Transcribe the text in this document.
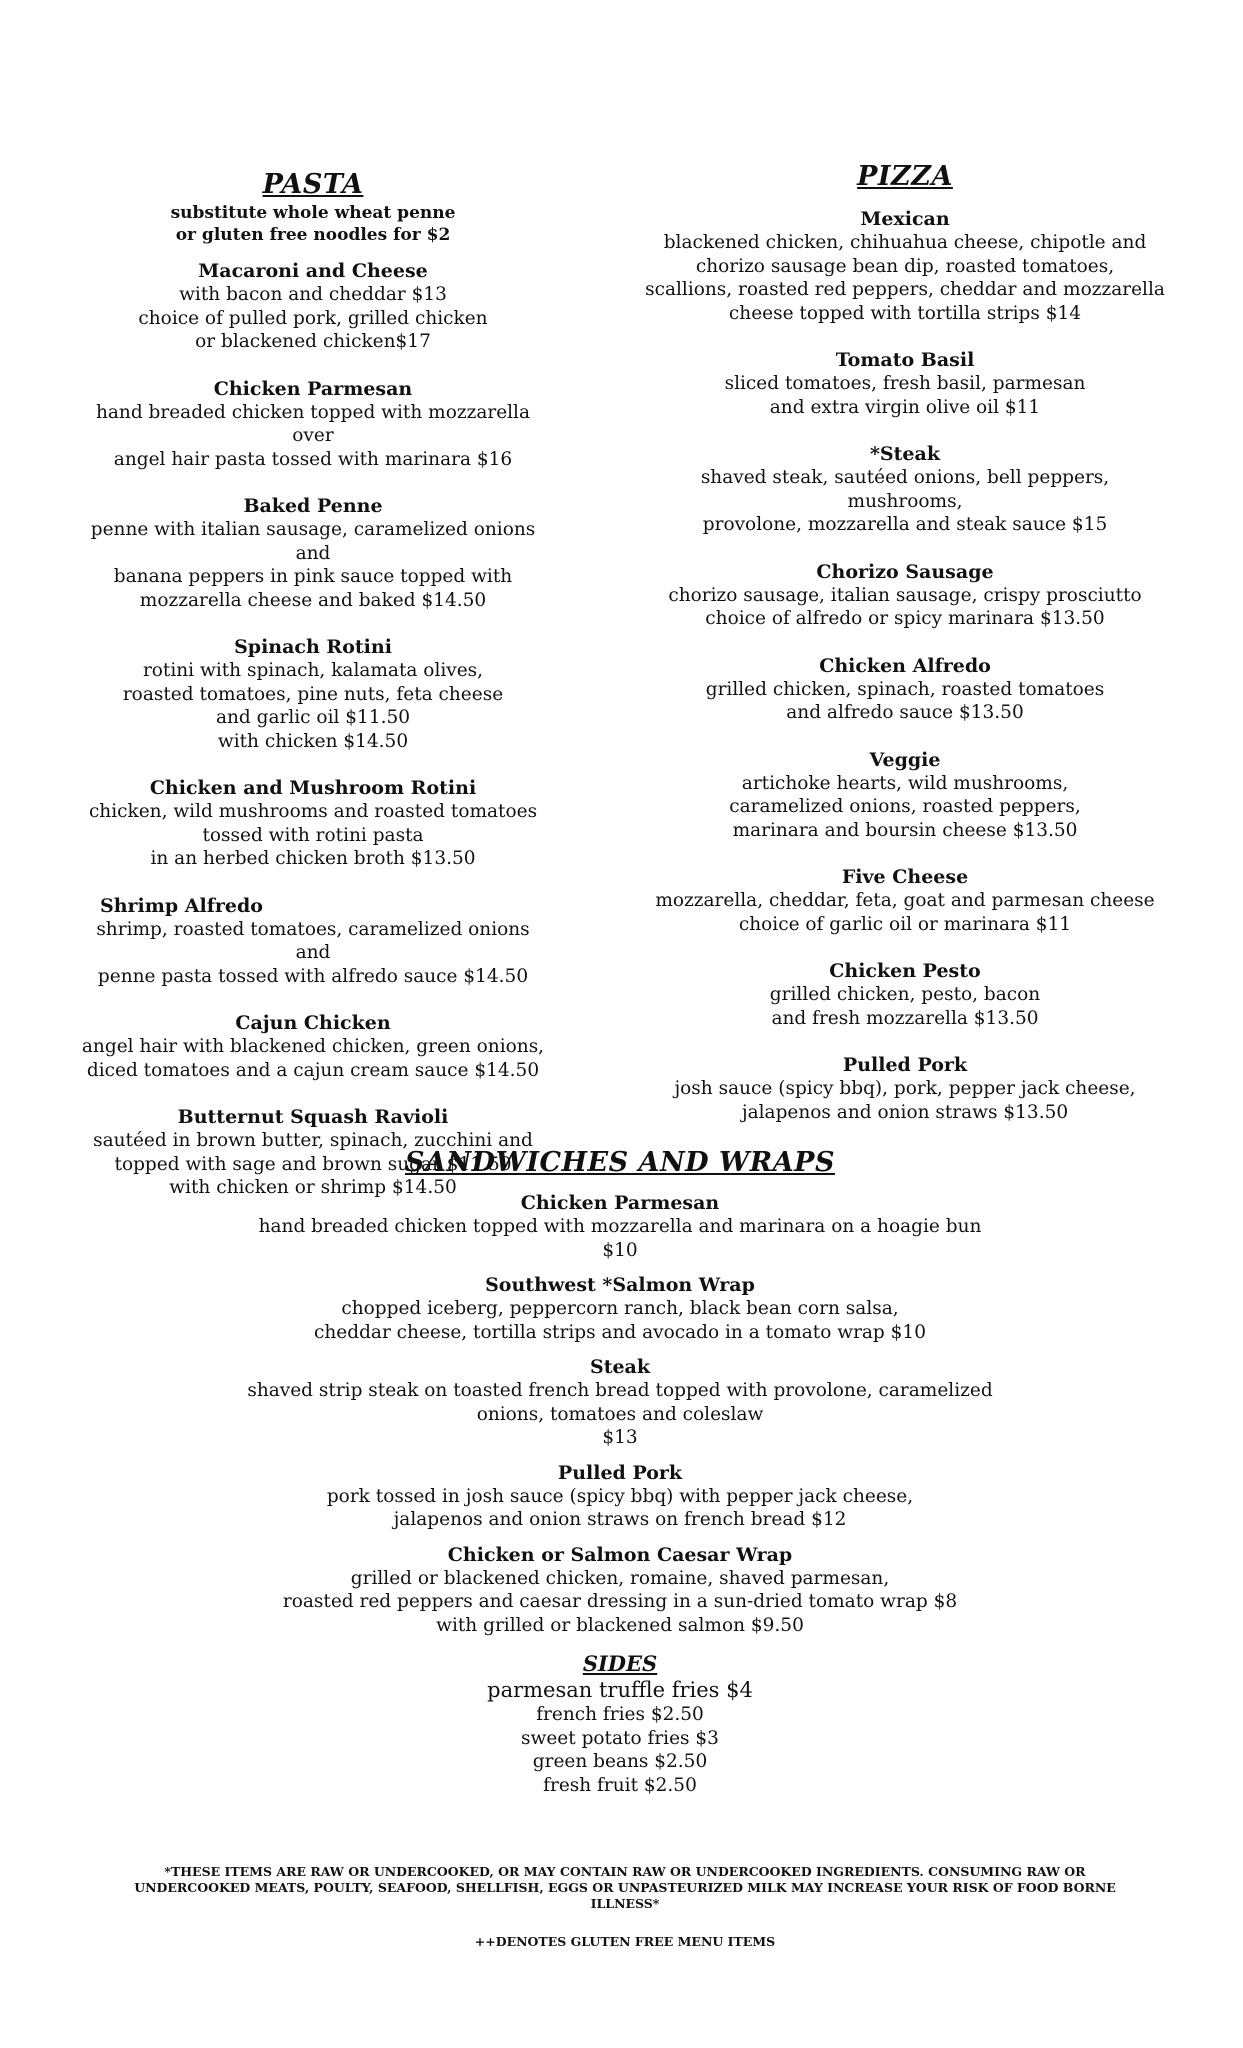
PASTA
substitute whole wheat penne
or gluten free noodles for $2
Macaroni and Cheese
with bacon and cheddar $13
choice of pulled pork, grilled chicken
or blackened chicken$17
Chicken Parmesan
hand breaded chicken topped with mozzarella over
angel hair pasta tossed with marinara $16
Baked Penne
penne with italian sausage, caramelized onions and
banana peppers in pink sauce topped with
mozzarella cheese and baked $14.50
Spinach Rotini
rotini with spinach, kalamata olives,
roasted tomatoes, pine nuts, feta cheese
and garlic oil $11.50
with chicken $14.50
Chicken and Mushroom Rotini
chicken, wild mushrooms and roasted tomatoes
tossed with rotini pasta
in an herbed chicken broth $13.50
Shrimp Alfredo
shrimp, roasted tomatoes, caramelized onions and
penne pasta tossed with alfredo sauce $14.50
Cajun Chicken
angel hair with blackened chicken, green onions,
diced tomatoes and a cajun cream sauce $14.50
Butternut Squash Ravioli
sautéed in brown butter, spinach, zucchini and
topped with sage and brown sugar $11.50
with chicken or shrimp $14.50
PIZZA
Mexican
blackened chicken, chihuahua cheese, chipotle and
chorizo sausage bean dip, roasted tomatoes,
scallions, roasted red peppers, cheddar and mozzarella
cheese topped with tortilla strips $14
Tomato Basil
sliced tomatoes, fresh basil, parmesan
and extra virgin olive oil $11
*Steak
shaved steak, sautéed onions, bell peppers, mushrooms,
provolone, mozzarella and steak sauce $15
Chorizo Sausage
chorizo sausage, italian sausage, crispy prosciutto
choice of alfredo or spicy marinara $13.50
Chicken Alfredo
grilled chicken, spinach, roasted tomatoes
and alfredo sauce $13.50
Veggie
artichoke hearts, wild mushrooms,
caramelized onions, roasted peppers,
marinara and boursin cheese $13.50
Five Cheese
mozzarella, cheddar, feta, goat and parmesan cheese
choice of garlic oil or marinara $11
Chicken Pesto
grilled chicken, pesto, bacon
and fresh mozzarella $13.50
Pulled Pork
josh sauce (spicy bbq), pork, pepper jack cheese,
jalapenos and onion straws $13.50
SANDWICHES AND WRAPS
Chicken Parmesan
hand breaded chicken topped with mozzarella and marinara on a hoagie bun $10
Southwest *Salmon Wrap
chopped iceberg, peppercorn ranch, black bean corn salsa,
cheddar cheese, tortilla strips and avocado in a tomato wrap $10
Steak
shaved strip steak on toasted french bread topped with provolone, caramelized
onions, tomatoes and coleslaw
$13
Pulled Pork
pork tossed in josh sauce (spicy bbq) with pepper jack cheese,
jalapenos and onion straws on french bread $12
Chicken or Salmon Caesar Wrap
grilled or blackened chicken, romaine, shaved parmesan,
roasted red peppers and caesar dressing in a sun-dried tomato wrap $8
with grilled or blackened salmon $9.50
SIDES
parmesan truffle fries $4
french fries $2.50
sweet potato fries $3
green beans $2.50
fresh fruit $2.50
*THESE ITEMS ARE RAW OR UNDERCOOKED, OR MAY CONTAIN RAW OR UNDERCOOKED INGREDIENTS. CONSUMING RAW OR UNDERCOOKED MEATS, POULTY, SEAFOOD, SHELLFISH, EGGS OR UNPASTEURIZED MILK MAY INCREASE YOUR RISK OF FOOD BORNE ILLNESS*
++DENOTES GLUTEN FREE MENU ITEMS
